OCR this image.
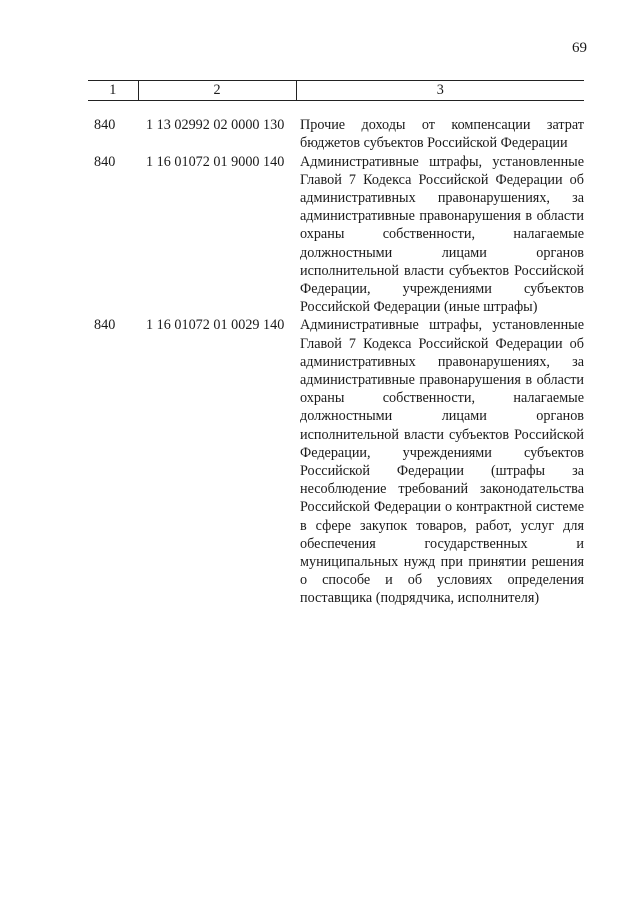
69
1	2	3
840	1 13 02992 02 0000 130	Прочие доходы от компенсации затрат бюджетов субъектов Российской Федерации

840	1 16 01072 01 9000 140	Административные штрафы, установленные Главой 7 Кодекса Российской Федерации об административных правонарушениях, за административные правонарушения в области охраны собственности, налагаемые должностными лицами органов исполнительной власти субъектов Российской Федерации, учреждениями субъектов Российской Федерации (иные штрафы)

840	1 16 01072 01 0029 140	Административные штрафы, установленные Главой 7 Кодекса Российской Федерации об административных правонарушениях, за административные правонарушения в области охраны собственности, налагаемые должностными лицами органов исполнительной власти субъектов Российской Федерации, учреждениями субъектов Российской Федерации (штрафы за несоблюдение требований законодательства Российской Федерации о контрактной системе в сфере закупок товаров, работ, услуг для обеспечения государственных и муниципальных нужд при принятии решения о способе и об условиях определения поставщика (подрядчика, исполнителя)
